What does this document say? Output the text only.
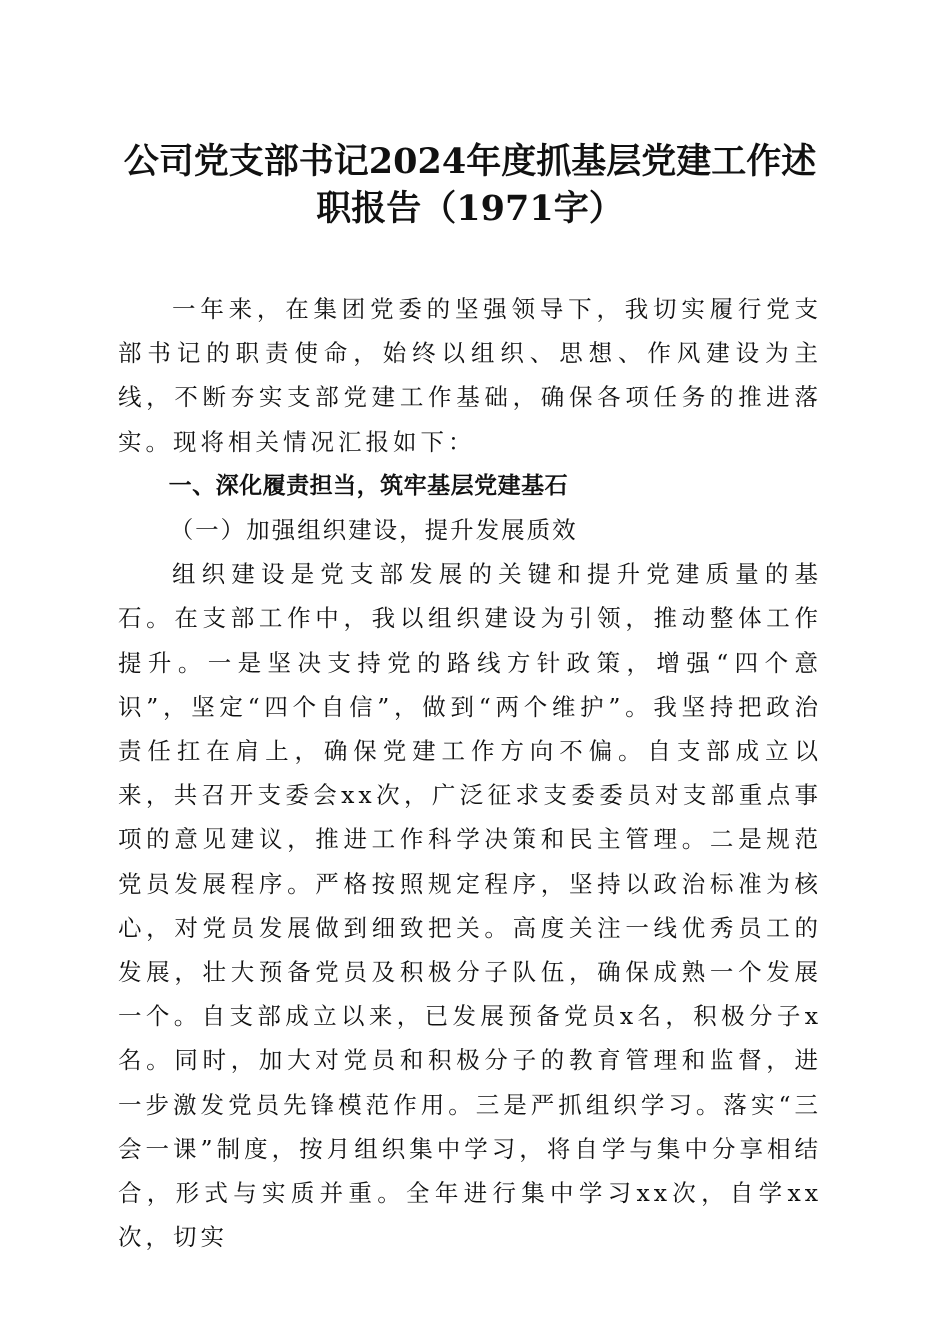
公司党支部书记2024年度抓基层党建工作述
职报告（1971字）

一年来，在集团党委的坚强领导下，我切实履行党支部书记的职责使命，始终以组织、思想、作风建设为主线，不断夯实支部党建工作基础，确保各项任务的推进落实。现将相关情况汇报如下：

一、深化履责担当，筑牢基层党建基石

（一）加强组织建设，提升发展质效

组织建设是党支部发展的关键和提升党建质量的基石。在支部工作中，我以组织建设为引领，推动整体工作提升。一是坚决支持党的路线方针政策，增强“四个意识”，坚定“四个自信”，做到“两个维护”。我坚持把政治责任扛在肩上，确保党建工作方向不偏。自支部成立以来，共召开支委会xx次，广泛征求支委委员对支部重点事项的意见建议，推进工作科学决策和民主管理。二是规范党员发展程序。严格按照规定程序，坚持以政治标准为核心，对党员发展做到细致把关。高度关注一线优秀员工的发展，壮大预备党员及积极分子队伍，确保成熟一个发展一个。自支部成立以来，已发展预备党员x名，积极分子x名。同时，加大对党员和积极分子的教育管理和监督，进一步激发党员先锋模范作用。三是严抓组织学习。落实“三会一课”制度，按月组织集中学习，将自学与集中分享相结合，形式与实质并重。全年进行集中学习xx次，自学xx次，切实
